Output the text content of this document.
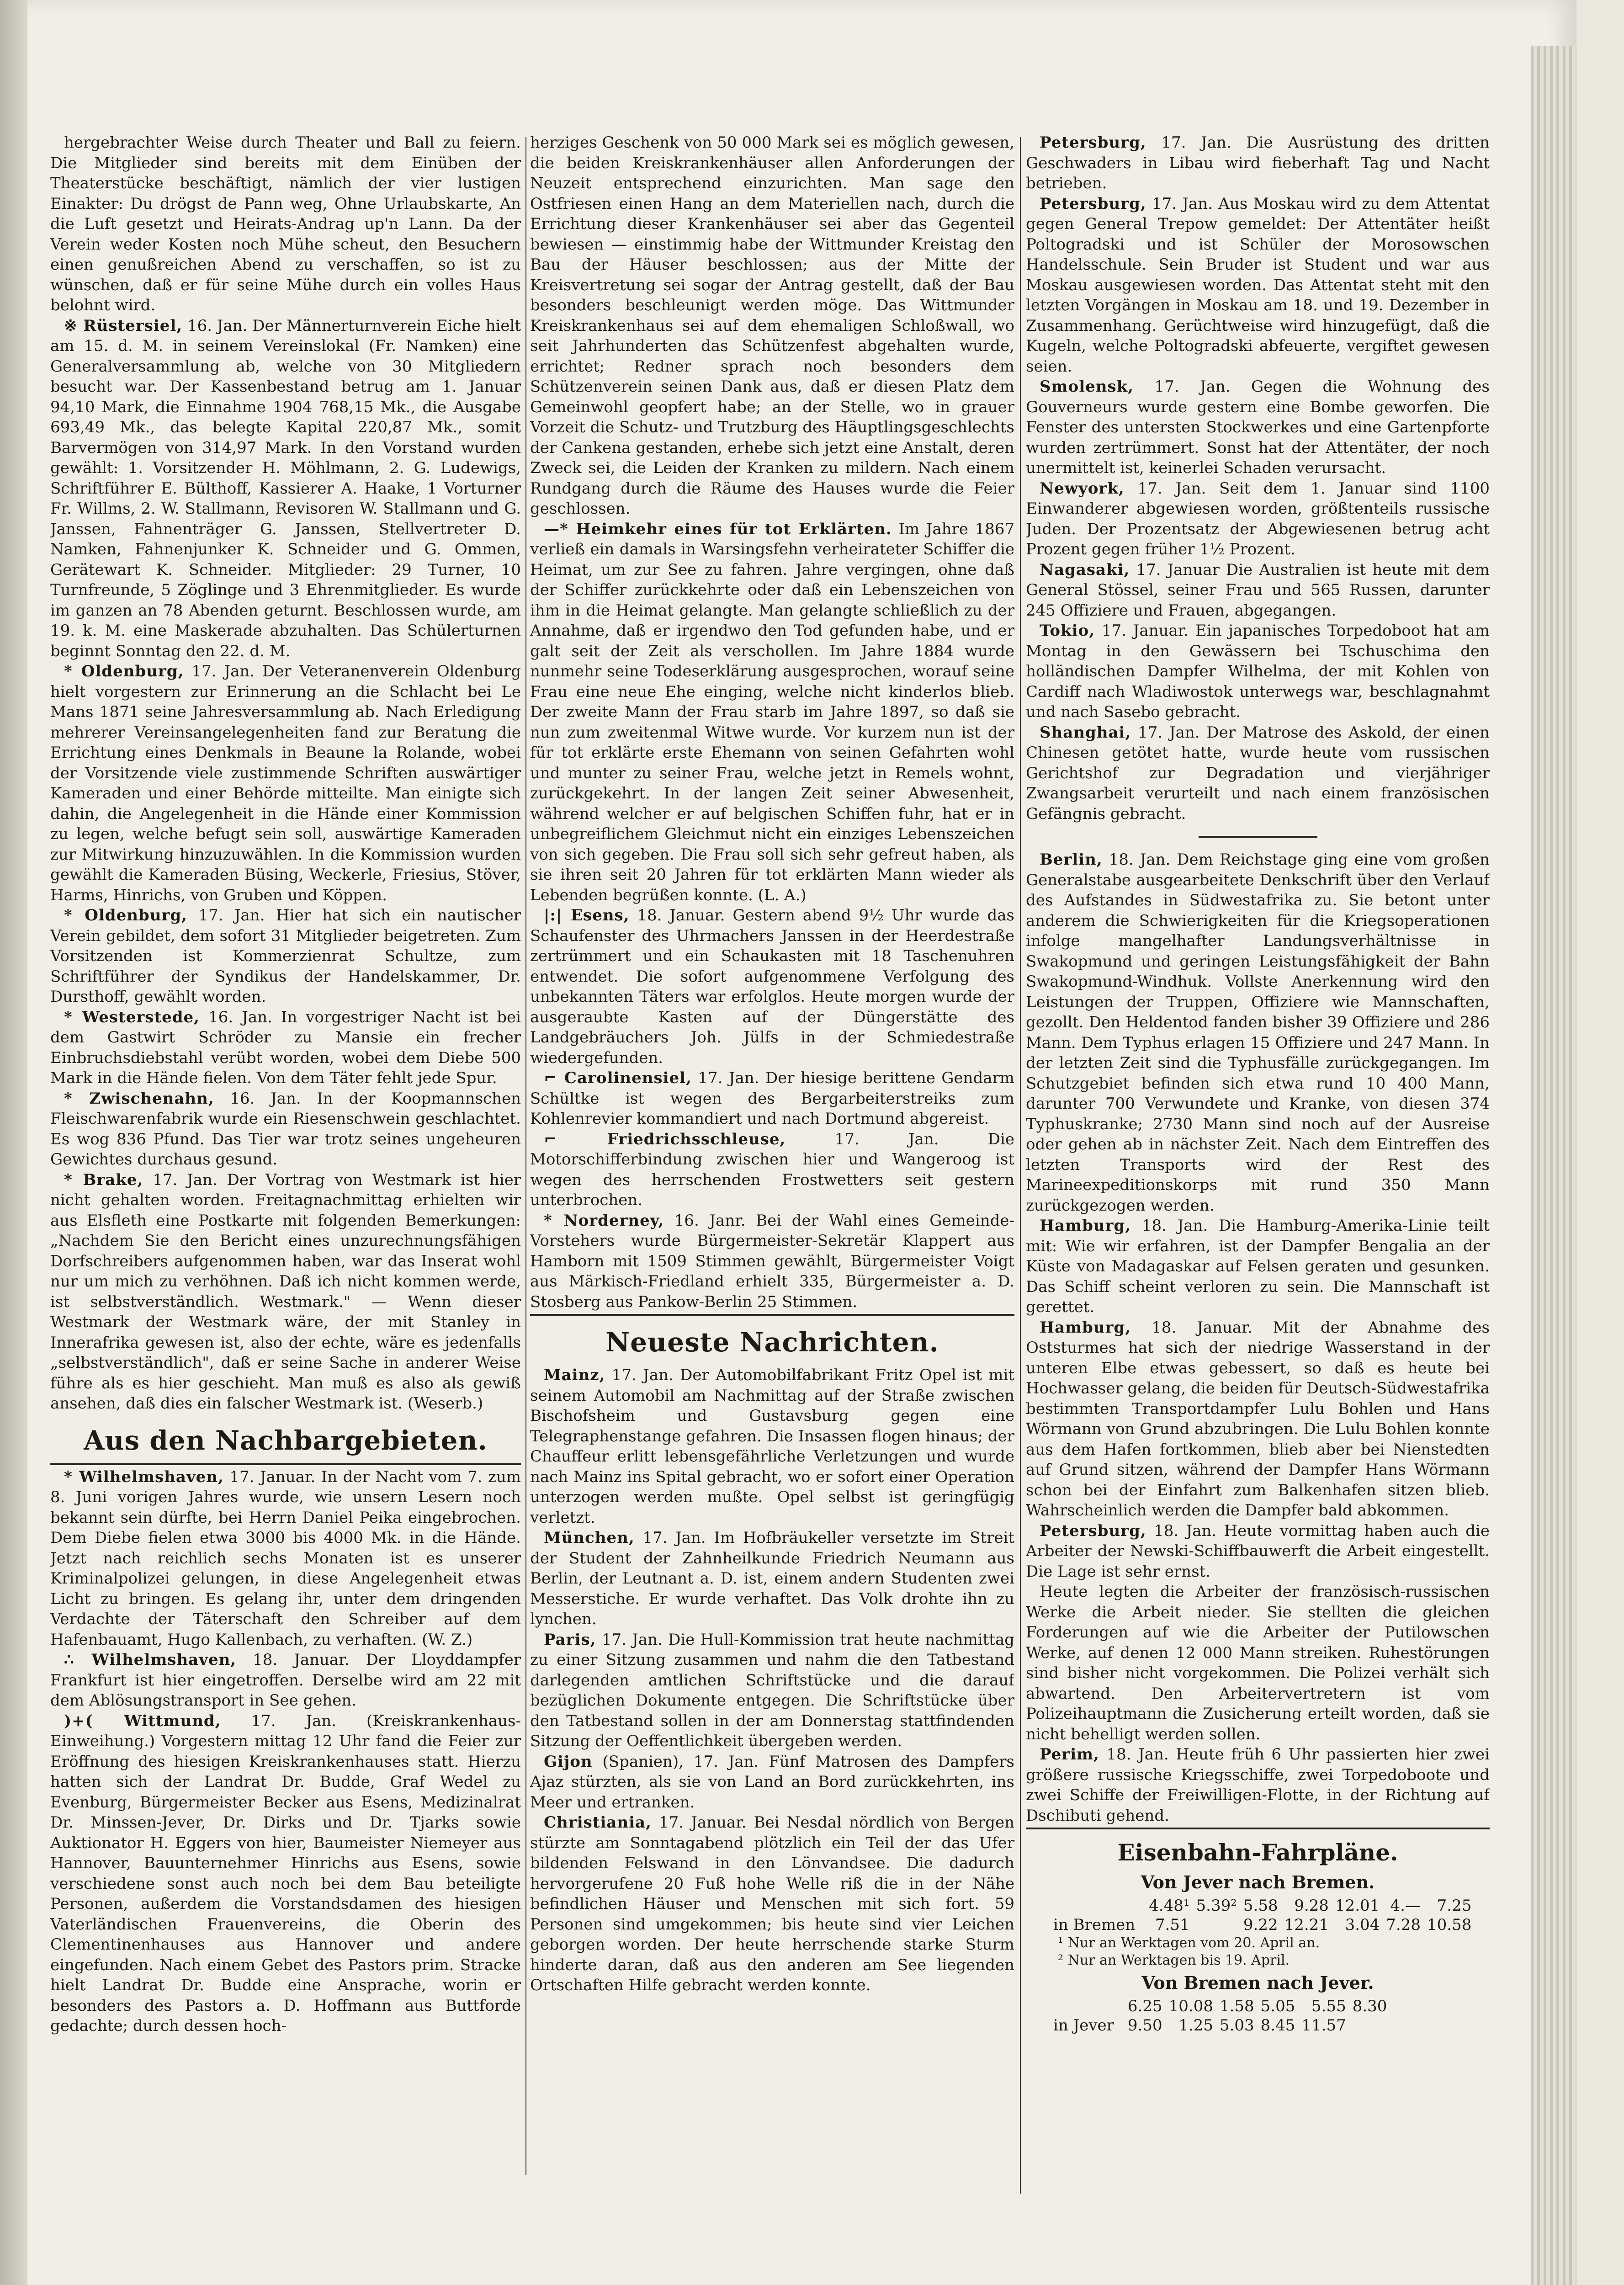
hergebrachter Weise durch Theater und Ball zu feiern. Die Mitglieder sind bereits mit dem Einüben der Theaterstücke beschäftigt, nämlich der vier lustigen Einakter: Du drögst de Pann weg, Ohne Urlaubskarte, An die Luft gesetzt und Heirats-Andrag up'n Lann. Da der Verein weder Kosten noch Mühe scheut, den Besuchern einen genußreichen Abend zu verschaffen, so ist zu wünschen, daß er für seine Mühe durch ein volles Haus belohnt wird.

※ Rüstersiel, 16. Jan. Der Männerturnverein Eiche hielt am 15. d. M. in seinem Vereinslokal (Fr. Namken) eine Generalversammlung ab, welche von 30 Mitgliedern besucht war. Der Kassenbestand betrug am 1. Januar 94,10 Mark, die Einnahme 1904 768,15 Mk., die Ausgabe 693,49 Mk., das belegte Kapital 220,87 Mk., somit Barvermögen von 314,97 Mark. In den Vorstand wurden gewählt: 1. Vorsitzender H. Möhlmann, 2. G. Ludewigs, Schriftführer E. Bülthoff, Kassierer A. Haake, 1 Vorturner Fr. Willms, 2. W. Stallmann, Revisoren W. Stallmann und G. Janssen, Fahnenträger G. Janssen, Stellvertreter D. Namken, Fahnenjunker K. Schneider und G. Ommen, Gerätewart K. Schneider. Mitglieder: 29 Turner, 10 Turnfreunde, 5 Zöglinge und 3 Ehrenmitglieder. Es wurde im ganzen an 78 Abenden geturnt. Beschlossen wurde, am 19. k. M. eine Maskerade abzuhalten. Das Schülerturnen beginnt Sonntag den 22. d. M.

* Oldenburg, 17. Jan. Der Veteranenverein Oldenburg hielt vorgestern zur Erinnerung an die Schlacht bei Le Mans 1871 seine Jahresversammlung ab. Nach Erledigung mehrerer Vereinsangelegenheiten fand zur Beratung die Errichtung eines Denkmals in Beaune la Rolande, wobei der Vorsitzende viele zustimmende Schriften auswärtiger Kameraden und einer Behörde mitteilte. Man einigte sich dahin, die Angelegenheit in die Hände einer Kommission zu legen, welche befugt sein soll, auswärtige Kameraden zur Mitwirkung hinzuzuwählen. In die Kommission wurden gewählt die Kameraden Büsing, Weckerle, Friesius, Stöver, Harms, Hinrichs, von Gruben und Köppen.

* Oldenburg, 17. Jan. Hier hat sich ein nautischer Verein gebildet, dem sofort 31 Mitglieder beigetreten. Zum Vorsitzenden ist Kommerzienrat Schultze, zum Schriftführer der Syndikus der Handelskammer, Dr. Dursthoff, gewählt worden.

* Westerstede, 16. Jan. In vorgestriger Nacht ist bei dem Gastwirt Schröder zu Mansie ein frecher Einbruchsdiebstahl verübt worden, wobei dem Diebe 500 Mark in die Hände fielen. Von dem Täter fehlt jede Spur.

* Zwischenahn, 16. Jan. In der Koopmannschen Fleischwarenfabrik wurde ein Riesenschwein geschlachtet. Es wog 836 Pfund. Das Tier war trotz seines ungeheuren Gewichtes durchaus gesund.

* Brake, 17. Jan. Der Vortrag von Westmark ist hier nicht gehalten worden. Freitagnachmittag erhielten wir aus Elsfleth eine Postkarte mit folgenden Bemerkungen: „Nachdem Sie den Bericht eines unzurechnungsfähigen Dorfschreibers aufgenommen haben, war das Inserat wohl nur um mich zu verhöhnen. Daß ich nicht kommen werde, ist selbstverständlich. Westmark." — Wenn dieser Westmark der Westmark wäre, der mit Stanley in Innerafrika gewesen ist, also der echte, wäre es jedenfalls „selbstverständlich", daß er seine Sache in anderer Weise führe als es hier geschieht. Man muß es also als gewiß ansehen, daß dies ein falscher Westmark ist. (Weserb.)

Aus den Nachbargebieten.

* Wilhelmshaven, 17. Januar. In der Nacht vom 7. zum 8. Juni vorigen Jahres wurde, wie unsern Lesern noch bekannt sein dürfte, bei Herrn Daniel Peika eingebrochen. Dem Diebe fielen etwa 3000 bis 4000 Mk. in die Hände. Jetzt nach reichlich sechs Monaten ist es unserer Kriminalpolizei gelungen, in diese Angelegenheit etwas Licht zu bringen. Es gelang ihr, unter dem dringenden Verdachte der Täterschaft den Schreiber auf dem Hafenbauamt, Hugo Kallenbach, zu verhaften. (W. Z.)

∴ Wilhelmshaven, 18. Januar. Der Lloyddampfer Frankfurt ist hier eingetroffen. Derselbe wird am 22 mit dem Ablösungstransport in See gehen.

)+( Wittmund, 17. Jan. (Kreiskrankenhaus-Einweihung.) Vorgestern mittag 12 Uhr fand die Feier zur Eröffnung des hiesigen Kreiskrankenhauses statt. Hierzu hatten sich der Landrat Dr. Budde, Graf Wedel zu Evenburg, Bürgermeister Becker aus Esens, Medizinalrat Dr. Minssen-Jever, Dr. Dirks und Dr. Tjarks sowie Auktionator H. Eggers von hier, Baumeister Niemeyer aus Hannover, Bauunternehmer Hinrichs aus Esens, sowie verschiedene sonst auch noch bei dem Bau beteiligte Personen, außerdem die Vorstandsdamen des hiesigen Vaterländischen Frauenvereins, die Oberin des Clementinenhauses aus Hannover und andere eingefunden. Nach einem Gebet des Pastors prim. Stracke hielt Landrat Dr. Budde eine Ansprache, worin er besonders des Pastors a. D. Hoffmann aus Buttforde gedachte; durch dessen hoch-

herziges Geschenk von 50 000 Mark sei es möglich gewesen, die beiden Kreiskrankenhäuser allen Anforderungen der Neuzeit entsprechend einzurichten. Man sage den Ostfriesen einen Hang an dem Materiellen nach, durch die Errichtung dieser Krankenhäuser sei aber das Gegenteil bewiesen — einstimmig habe der Wittmunder Kreistag den Bau der Häuser beschlossen; aus der Mitte der Kreisvertretung sei sogar der Antrag gestellt, daß der Bau besonders beschleunigt werden möge. Das Wittmunder Kreiskrankenhaus sei auf dem ehemaligen Schloßwall, wo seit Jahrhunderten das Schützenfest abgehalten wurde, errichtet; Redner sprach noch besonders dem Schützenverein seinen Dank aus, daß er diesen Platz dem Gemeinwohl geopfert habe; an der Stelle, wo in grauer Vorzeit die Schutz- und Trutzburg des Häuptlingsgeschlechts der Cankena gestanden, erhebe sich jetzt eine Anstalt, deren Zweck sei, die Leiden der Kranken zu mildern. Nach einem Rundgang durch die Räume des Hauses wurde die Feier geschlossen.

—* Heimkehr eines für tot Erklärten. Im Jahre 1867 verließ ein damals in Warsingsfehn verheirateter Schiffer die Heimat, um zur See zu fahren. Jahre vergingen, ohne daß der Schiffer zurückkehrte oder daß ein Lebenszeichen von ihm in die Heimat gelangte. Man gelangte schließlich zu der Annahme, daß er irgendwo den Tod gefunden habe, und er galt seit der Zeit als verschollen. Im Jahre 1884 wurde nunmehr seine Todeserklärung ausgesprochen, worauf seine Frau eine neue Ehe einging, welche nicht kinderlos blieb. Der zweite Mann der Frau starb im Jahre 1897, so daß sie nun zum zweitenmal Witwe wurde. Vor kurzem nun ist der für tot erklärte erste Ehemann von seinen Gefahrten wohl und munter zu seiner Frau, welche jetzt in Remels wohnt, zurückgekehrt. In der langen Zeit seiner Abwesenheit, während welcher er auf belgischen Schiffen fuhr, hat er in unbegreiflichem Gleichmut nicht ein einziges Lebenszeichen von sich gegeben. Die Frau soll sich sehr gefreut haben, als sie ihren seit 20 Jahren für tot erklärten Mann wieder als Lebenden begrüßen konnte. (L. A.)

|:| Esens, 18. Januar. Gestern abend 9½ Uhr wurde das Schaufenster des Uhrmachers Janssen in der Heerdestraße zertrümmert und ein Schaukasten mit 18 Taschenuhren entwendet. Die sofort aufgenommene Verfolgung des unbekannten Täters war erfolglos. Heute morgen wurde der ausgeraubte Kasten auf der Düngerstätte des Landgebräuchers Joh. Jülfs in der Schmiedestraße wiedergefunden.

⌐ Carolinensiel, 17. Jan. Der hiesige berittene Gendarm Schültke ist wegen des Bergarbeiterstreiks zum Kohlenrevier kommandiert und nach Dortmund abgereist.

⌐ Friedrichsschleuse,	17. Jan. Die Motorschifferbindung zwischen hier und Wangeroog ist wegen des herrschenden Frostwetters seit gestern unterbrochen.

* Norderney, 16. Janr. Bei der Wahl eines Gemeinde-Vorstehers wurde Bürgermeister-Sekretär Klappert aus Hamborn mit 1509 Stimmen gewählt, Bürgermeister Voigt aus Märkisch-Friedland erhielt 335, Bürgermeister a. D. Stosberg aus Pankow-Berlin 25 Stimmen.

Neueste Nachrichten.

Mainz, 17. Jan. Der Automobilfabrikant Fritz Opel ist mit seinem Automobil am Nachmittag auf der Straße zwischen Bischofsheim und Gustavsburg gegen eine Telegraphenstange gefahren. Die Insassen flogen hinaus; der Chauffeur erlitt lebensgefährliche Verletzungen und wurde nach Mainz ins Spital gebracht, wo er sofort einer Operation unterzogen werden mußte. Opel selbst ist geringfügig verletzt.

München, 17. Jan. Im Hofbräukeller versetzte im Streit der Student der Zahnheilkunde Friedrich Neumann aus Berlin, der Leutnant a. D. ist, einem andern Studenten zwei Messerstiche. Er wurde verhaftet. Das Volk drohte ihn zu lynchen.

Paris, 17. Jan. Die Hull-Kommission trat heute nachmittag zu einer Sitzung zusammen und nahm die den Tatbestand darlegenden amtlichen Schriftstücke und die darauf bezüglichen Dokumente entgegen. Die Schriftstücke über den Tatbestand sollen in der am Donnerstag stattfindenden Sitzung der Oeffentlichkeit übergeben werden.

Gijon (Spanien), 17. Jan. Fünf Matrosen des Dampfers Ajaz stürzten, als sie von Land an Bord zurückkehrten, ins Meer und ertranken.

Christiania, 17. Januar. Bei Nesdal nördlich von Bergen stürzte am Sonntagabend plötzlich ein Teil der das Ufer bildenden Felswand in den Lönvandsee. Die dadurch hervorgerufene 20 Fuß hohe Welle riß die in der Nähe befindlichen Häuser und Menschen mit sich fort. 59 Personen sind umgekommen; bis heute sind vier Leichen geborgen worden. Der heute herrschende starke Sturm hinderte daran, daß aus den anderen am See liegenden Ortschaften Hilfe gebracht werden konnte.

Petersburg, 17. Jan. Die Ausrüstung des dritten Geschwaders in Libau wird fieberhaft Tag und Nacht betrieben.

Petersburg, 17. Jan. Aus Moskau wird zu dem Attentat gegen General Trepow gemeldet: Der Attentäter heißt Poltogradski und ist Schüler der Morosowschen Handelsschule. Sein Bruder ist Student und war aus Moskau ausgewiesen worden. Das Attentat steht mit den letzten Vorgängen in Moskau am 18. und 19. Dezember in Zusammenhang. Gerüchtweise wird hinzugefügt, daß die Kugeln, welche Poltogradski abfeuerte, vergiftet gewesen seien.

Smolensk, 17. Jan. Gegen die Wohnung des Gouverneurs wurde gestern eine Bombe geworfen. Die Fenster des untersten Stockwerkes und eine Gartenpforte wurden zertrümmert. Sonst hat der Attentäter, der noch unermittelt ist, keinerlei Schaden verursacht.

Newyork, 17. Jan. Seit dem 1. Januar sind 1100 Einwanderer abgewiesen worden, größtenteils russische Juden. Der Prozentsatz der Abgewiesenen betrug acht Prozent gegen früher 1½ Prozent.

Nagasaki, 17. Januar Die Australien ist heute mit dem General Stössel, seiner Frau und 565 Russen, darunter 245 Offiziere und Frauen, abgegangen.

Tokio, 17. Januar. Ein japanisches Torpedoboot hat am Montag in den Gewässern bei Tschuschima den holländischen Dampfer Wilhelma, der mit Kohlen von Cardiff nach Wladiwostok unterwegs war, beschlagnahmt und nach Sasebo gebracht.

Shanghai, 17. Jan. Der Matrose des Askold, der einen Chinesen getötet hatte, wurde heute vom russischen Gerichtshof zur Degradation und vierjähriger Zwangsarbeit verurteilt und nach einem französischen Gefängnis gebracht.

Berlin, 18. Jan. Dem Reichstage ging eine vom großen Generalstabe ausgearbeitete Denkschrift über den Verlauf des Aufstandes in Südwestafrika zu. Sie betont unter anderem die Schwierigkeiten für die Kriegsoperationen infolge mangelhafter Landungsverhältnisse in Swakopmund und geringen Leistungsfähigkeit der Bahn Swakopmund-Windhuk. Vollste Anerkennung wird den Leistungen der Truppen, Offiziere wie Mannschaften, gezollt. Den Heldentod fanden bisher 39 Offiziere und 286 Mann. Dem Typhus erlagen 15 Offiziere und 247 Mann. In der letzten Zeit sind die Typhusfälle zurückgegangen. Im Schutzgebiet befinden sich etwa rund 10 400 Mann, darunter 700 Verwundete und Kranke, von diesen 374 Typhuskranke; 2730 Mann sind noch auf der Ausreise oder gehen ab in nächster Zeit. Nach dem Eintreffen des letzten Transports wird der Rest des Marineexpeditionskorps mit rund 350 Mann zurückgezogen werden.

Hamburg, 18. Jan. Die Hamburg-Amerika-Linie teilt mit: Wie wir erfahren, ist der Dampfer Bengalia an der Küste von Madagaskar auf Felsen geraten und gesunken. Das Schiff scheint verloren zu sein. Die Mannschaft ist gerettet.

Hamburg, 18. Januar. Mit der Abnahme des Oststurmes hat sich der niedrige Wasserstand in der unteren Elbe etwas gebessert, so daß es heute bei Hochwasser gelang, die beiden für Deutsch-Südwestafrika bestimmten Transportdampfer Lulu Bohlen und Hans Wörmann von Grund abzubringen. Die Lulu Bohlen konnte aus dem Hafen fortkommen, blieb aber bei Nienstedten auf Grund sitzen, während der Dampfer Hans Wörmann schon bei der Einfahrt zum Balkenhafen sitzen blieb. Wahrscheinlich werden die Dampfer bald abkommen.

Petersburg, 18. Jan. Heute vormittag haben auch die Arbeiter der Newski-Schiffbauwerft die Arbeit eingestellt. Die Lage ist sehr ernst.

Heute legten die Arbeiter der französisch-russischen Werke die Arbeit nieder. Sie stellten die gleichen Forderungen auf wie die Arbeiter der Putilowschen Werke, auf denen 12 000 Mann streiken. Ruhestörungen sind bisher nicht vorgekommen. Die Polizei verhält sich abwartend. Den Arbeitervertretern ist vom Polizeihauptmann die Zusicherung erteilt worden, daß sie nicht behelligt werden sollen.

Perim, 18. Jan. Heute früh 6 Uhr passierten hier zwei größere russische Kriegsschiffe, zwei Torpedoboote und zwei Schiffe der Freiwilligen-Flotte, in der Richtung auf Dschibuti gehend.

Eisenbahn-Fahrpläne.
Von Jever nach Bremen.
	4.48¹	5.39²	5.58	9.28	12.01	4.—	7.25
in Bremen	7.51		9.22	12.21	3.04	7.28	10.58

¹ Nur an Werktagen vom 20. April an.

² Nur an Werktagen bis 19. April.

Von Bremen nach Jever.
	6.25	10.08	1.58	5.05	5.55	8.30
in Jever	9.50	1.25	5.03	8.45	11.57	
